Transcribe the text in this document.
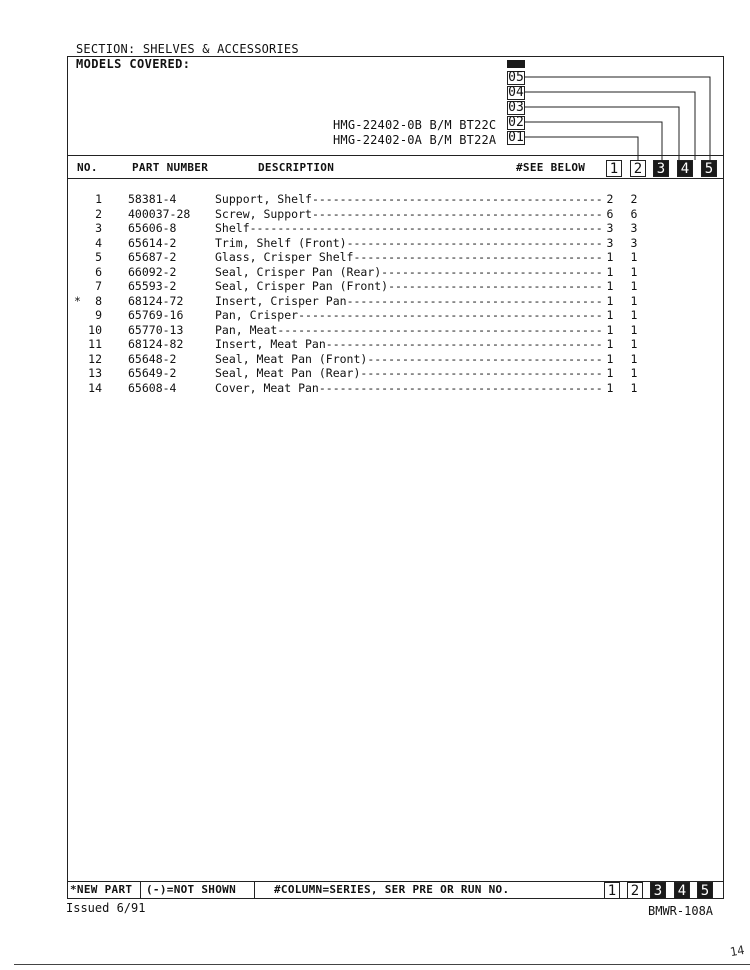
SECTION: SHELVES & ACCESSORIES
MODELS COVERED:
HMG-22402-0B B/M BT22C
HMG-22402-0A B/M BT22A
05
04
03
02
01
NO.	PART NUMBER	DESCRIPTION	#SEE BELOW 1 2 3 4 5
1 58381-4	Support, Shelf -----	2 2
2 400037-28 Screw, Support -----	6 6
3 65606-8	Shelf -----	3 3
4 65614-2	Trim, Shelf (Front) -----	3 3
5 65687-2	Glass, Crisper Shelf -----	1 1
6 66092-2	Seal, Crisper Pan (Rear) -----	1 1
7 65593-2	Seal, Crisper Pan (Front) -----	1 1
*	8 68124-72	Insert, Crisper Pan -----	1 1
9 65769-16	Pan, Crisper -----	1 1
10 65770-13	Pan, Meat -----	1 1
11 68124-82	Insert, Meat Pan -----	1 1
12 65648-2	Seal, Meat Pan (Front) -----	1 1
13 65649-2	Seal, Meat Pan (Rear) -----	1 1
14 65608-4	Cover, Meat Pan -----	1 1
*NEW PART (-)=NOT SHOWN	#COLUMN=SERIES, SER PRE OR RUN NO.	1 2 3 4 5
Issued 6/91	BMWR-108A
14
